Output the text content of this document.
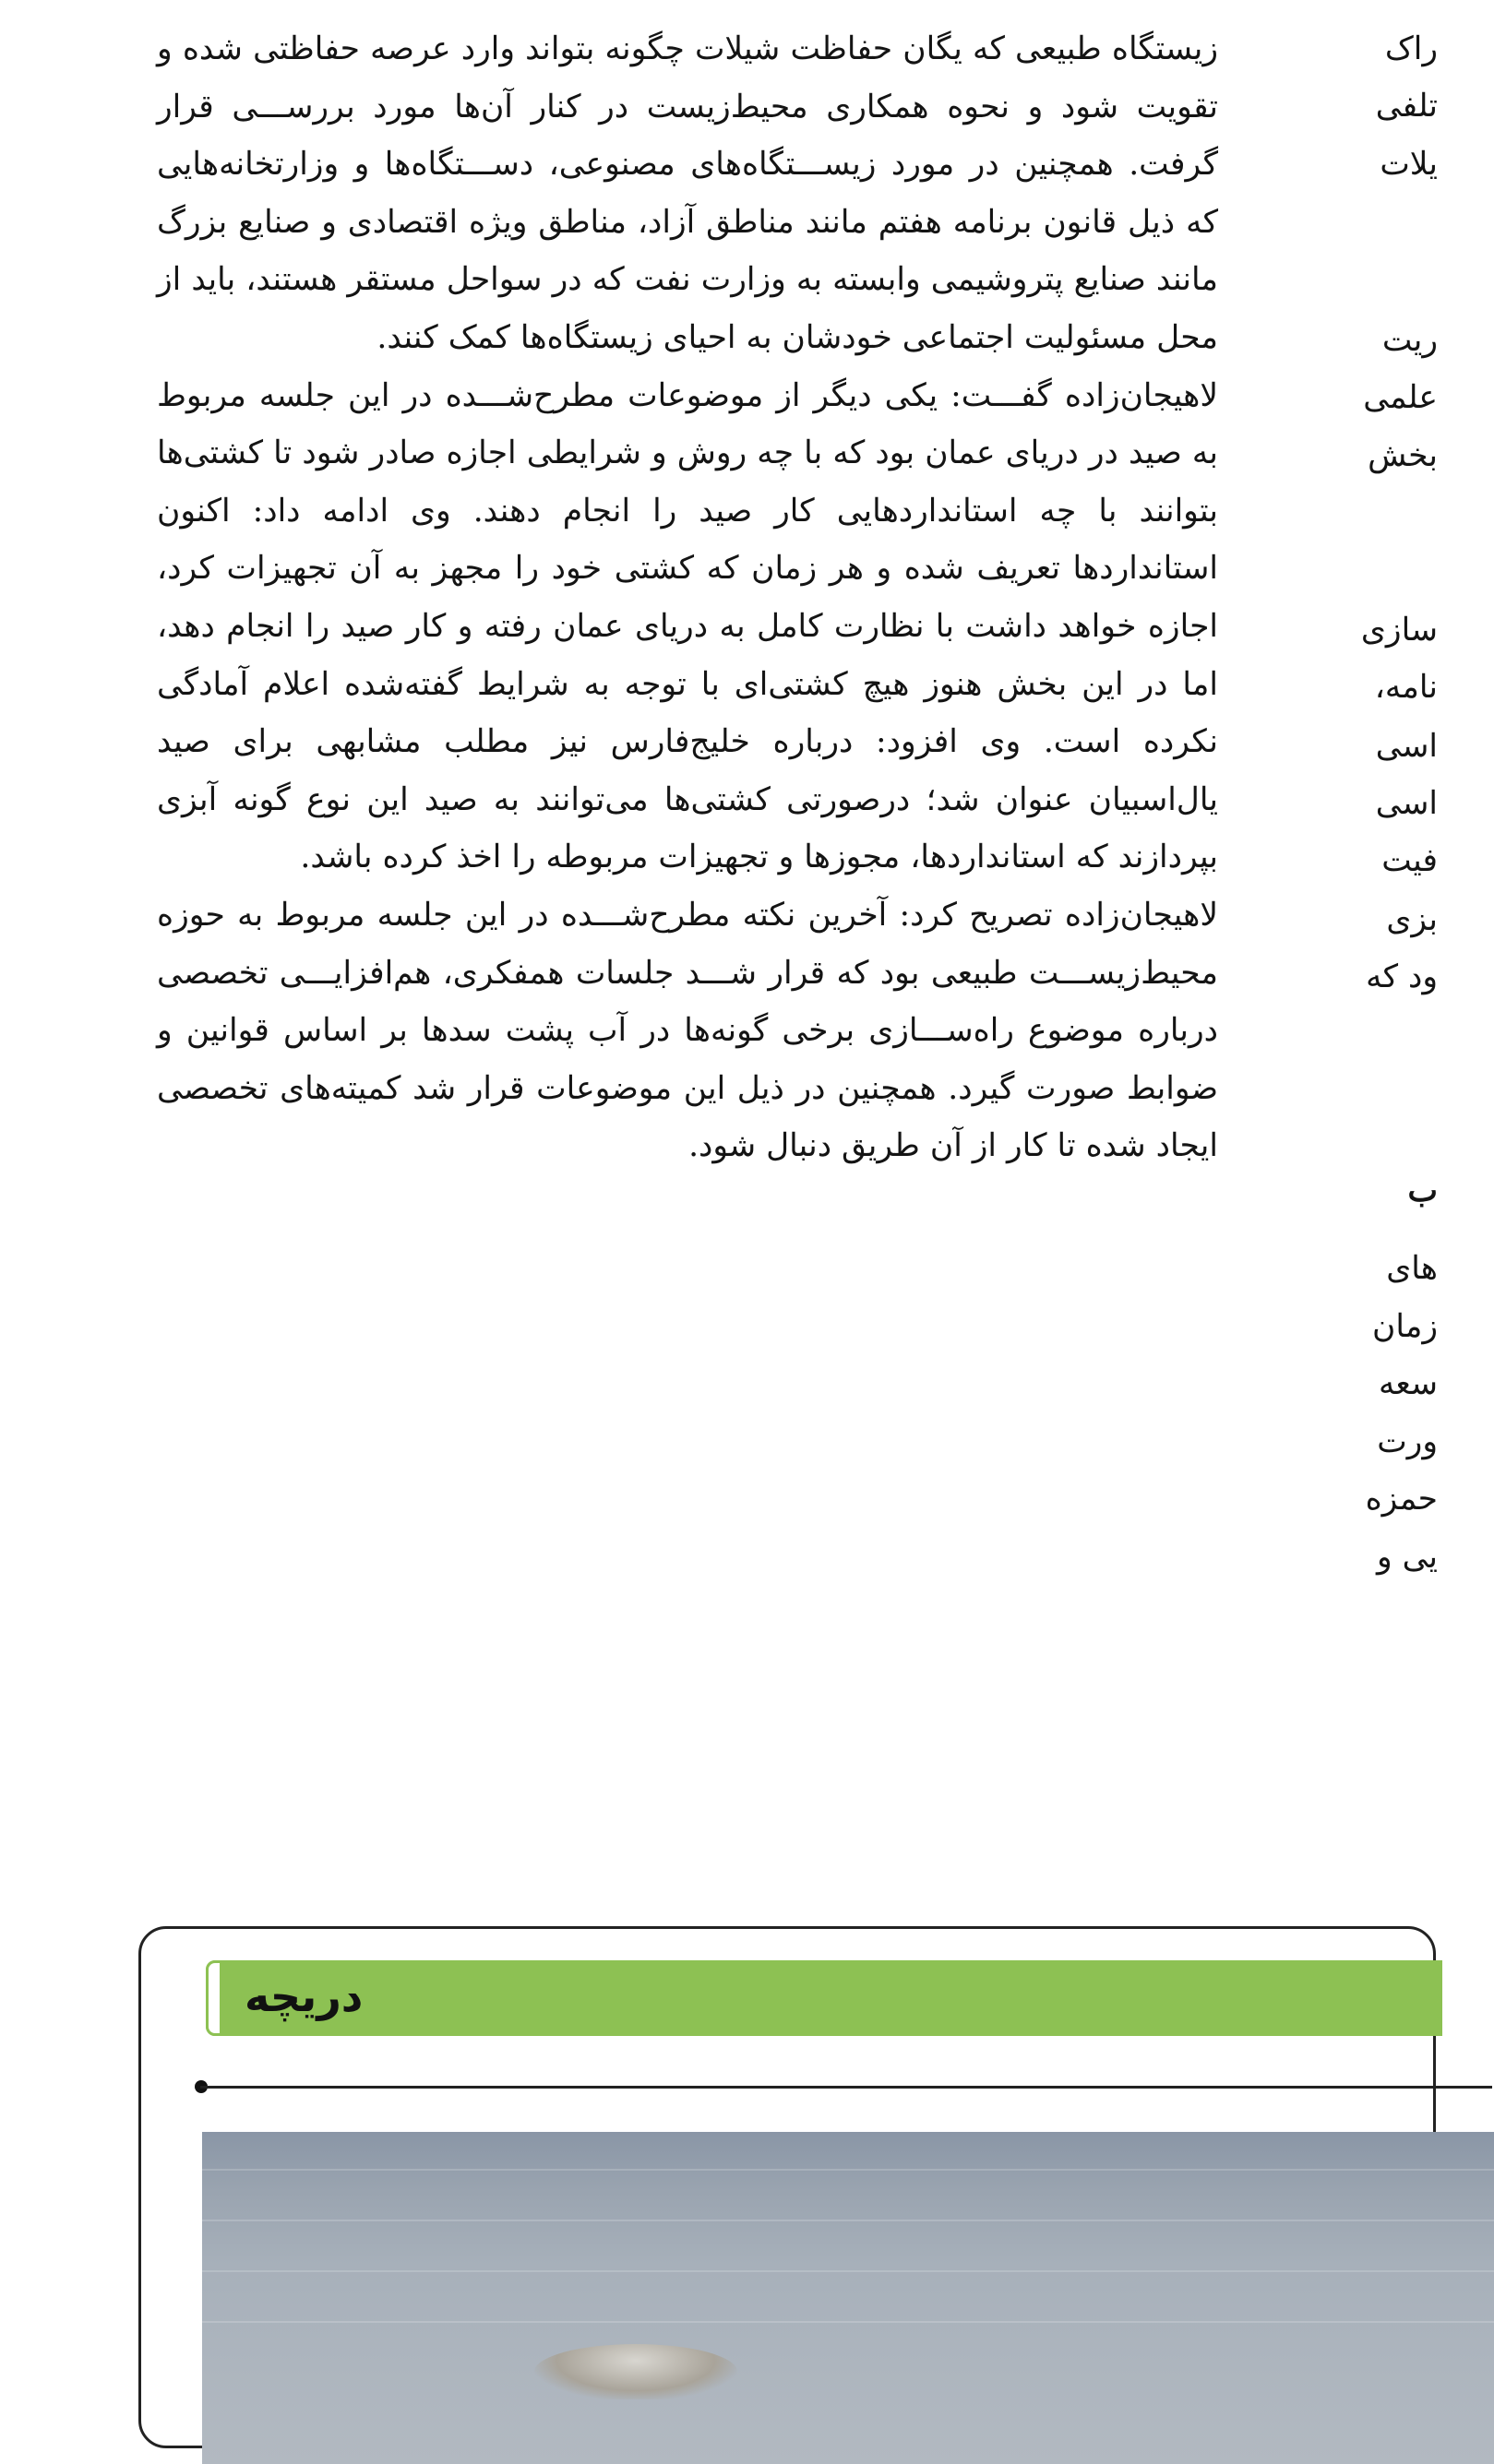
زیستگاه طبیعی که یگان حفاظت شیلات چگونه بتواند وارد عرصه حفاظتی شده و تقویت شود و نحوه همکاری محیط‌زیست در کنار آن‌ها مورد بررســـی قرار گرفت. همچنین در مورد زیســـتگاه‌های مصنوعی، دســـتگاه‌ها و وزارتخانه‌هایی که ذیل قانون برنامه هفتم مانند مناطق آزاد، مناطق ویژه اقتصادی و صنایع بزرگ مانند صنایع پتروشیمی وابسته به وزارت نفت که در سواحل مستقر هستند، باید از محل مسئولیت اجتماعی خودشان به احیای زیستگاه‌ها کمک کنند.

لاهیجان‌زاده گفـــت: یکی دیگر از موضوعات مطرح‌شـــده در این جلسه مربوط به صید در دریای عمان بود که با چه روش و شرایطی اجازه صادر شود تا کشتی‌ها بتوانند با چه استانداردهایی کار صید را انجام دهند. وی ادامه داد: اکنون استانداردها تعریف شده و هر زمان که کشتی خود را مجهز به آن تجهیزات کرد، اجازه خواهد داشت با نظارت کامل به دریای عمان رفته و کار صید را انجام دهد، اما در این بخش هنوز هیچ کشتی‌ای با توجه به شرایط گفته‌شده اعلام آمادگی نکرده است. وی افزود: درباره خلیج‌فارس نیز مطلب مشابهی برای صید یال‌اسبیان عنوان شد؛ درصورتی کشتی‌ها می‌توانند به صید این نوع گونه آبزی بپردازند که استانداردها، مجوزها و تجهیزات مربوطه را اخذ کرده باشد.

لاهیجان‌زاده تصریح کرد: آخرین نکته مطرح‌شـــده در این جلسه مربوط به حوزه محیط‌زیســـت طبیعی بود که قرار شـــد جلسات همفکری، هم‌افزایـــی تخصصی درباره موضوع راه‌ســـازی برخی گونه‌ها در آب پشت سدها بر اساس قوانین و ضوابط صورت گیرد. همچنین در ذیل این موضوعات قرار شد کمیته‌های تخصصی ایجاد شده تا کار از آن طریق دنبال شود.

راک
تلفی
یلات
ریت
علمی
بخش
سازی
نامه،
اسی
اسی
فیت
بزی
ود که
ب
های
زمان
سعه
ورت
حمزه
یی و
دریچه
